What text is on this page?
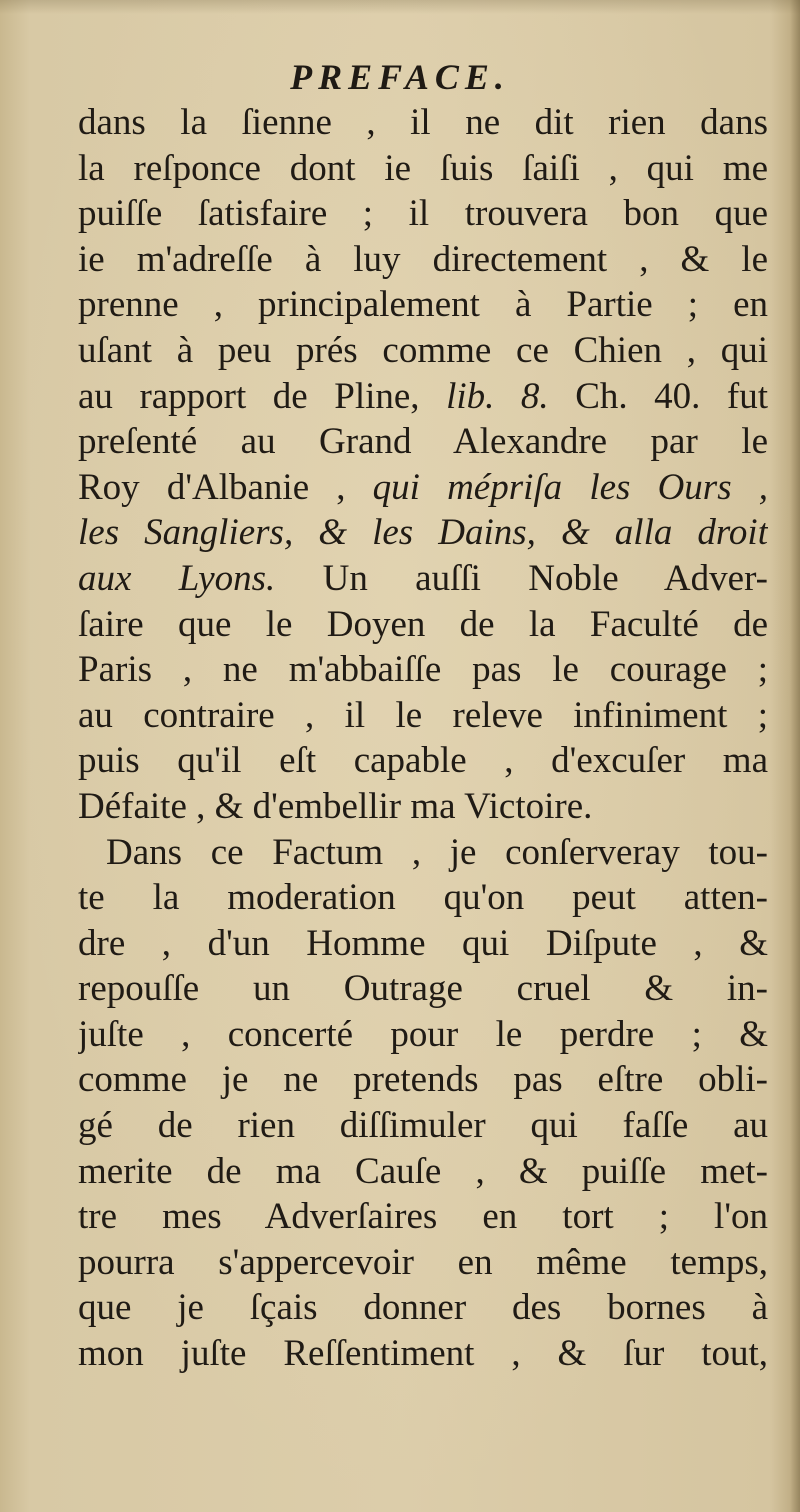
PREFACE.
dans la ſienne , il ne dit rien dans
la reſponce dont ie ſuis ſaiſi , qui me
puiſſe ſatisfaire ; il trouvera bon que
ie m'adreſſe à luy directement , & le
prenne , principalement à Partie ; en
uſant à peu prés comme ce Chien , qui
au rapport de Pline, lib. 8. Ch. 40. fut
preſenté au Grand Alexandre par le
Roy d'Albanie , qui mépriſa les Ours ,
les Sangliers, & les Dains, & alla droit
aux Lyons. Un auſſi Noble Adver-
ſaire que le Doyen de la Faculté de
Paris , ne m'abbaiſſe pas le courage ;
au contraire , il le releve infiniment ;
puis qu'il eſt capable , d'excuſer ma
Défaite , & d'embellir ma Victoire.
Dans ce Factum , je conſerveray tou-
te la moderation qu'on peut atten-
dre , d'un Homme qui Diſpute , &
repouſſe un Outrage cruel & in-
juſte , concerté pour le perdre ; &
comme je ne pretends pas eſtre obli-
gé de rien diſſimuler qui faſſe au
merite de ma Cauſe , & puiſſe met-
tre mes Adverſaires en tort ; l'on
pourra s'appercevoir en même temps,
que je ſçais donner des bornes à
mon juſte Reſſentiment , & ſur tout,
